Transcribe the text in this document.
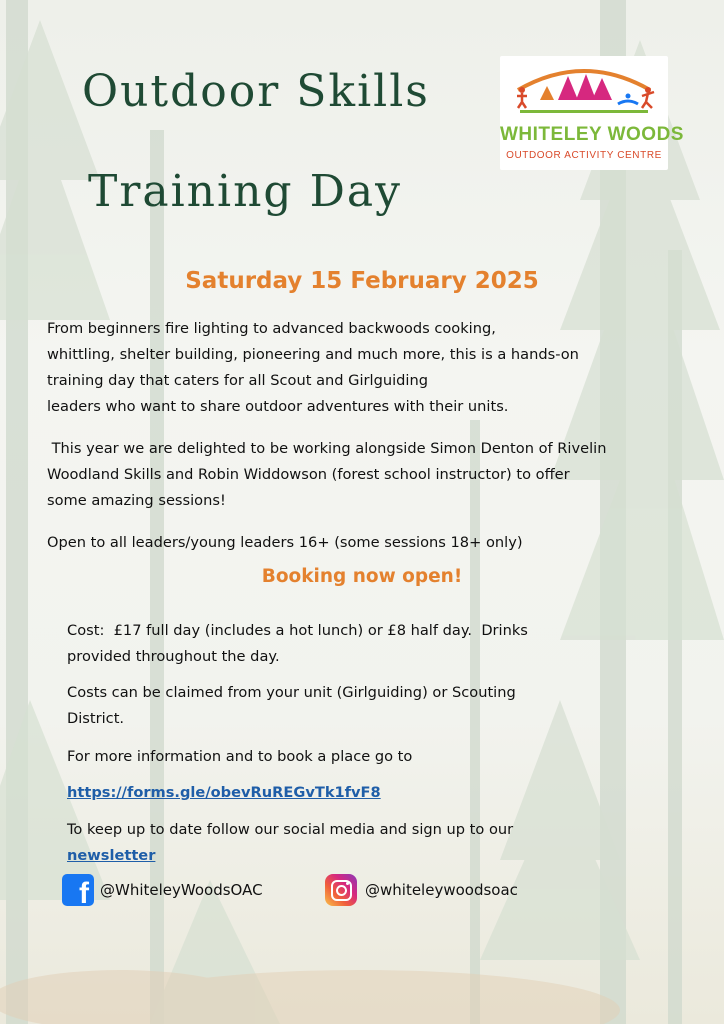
Outdoor Skills
Training Day
WHITELEY WOODS
OUTDOOR ACTIVITY CENTRE
Saturday 15 February 2025
From beginners fire lighting to advanced backwoods cooking,
whittling, shelter building, pioneering and much more, this is a hands-on
training day that caters for all Scout and Girlguiding
leaders who want to share outdoor adventures with their units.
This year we are delighted to be working alongside Simon Denton of Rivelin
Woodland Skills and Robin Widdowson (forest school instructor) to offer
some amazing sessions!
Open to all leaders/young leaders 16+ (some sessions 18+ only)
Booking now open!
Cost:  £17 full day (includes a hot lunch) or £8 half day.  Drinks
provided throughout the day.
Costs can be claimed from your unit (Girlguiding) or Scouting
District.
For more information and to book a place go to
https://forms.gle/obevRuREGvTk1fvF8
To keep up to date follow our social media and sign up to our
newsletter
f @WhiteleyWoodsOAC	@whiteleywoodsoac
